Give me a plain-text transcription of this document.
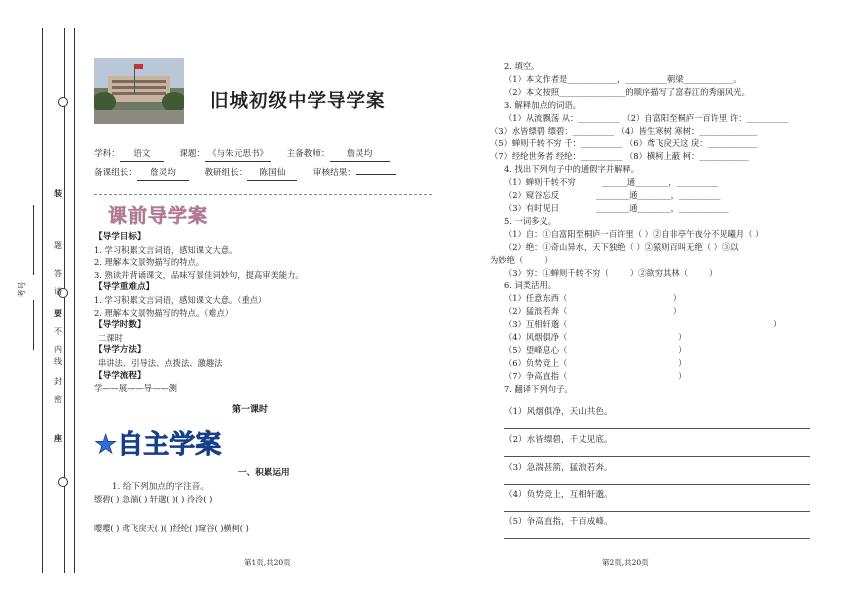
考号
装
答
题
请
不
要
内
线
封
密
座
旧城初级中学导学案
学科： 语文	课题： 《与朱元思书》 主备教师： 詹灵均
备课组长： 詹灵均	教研组长： 陈国仙	审核结果：
课前导学案
【导学目标】
1. 学习积累文言词语，感知课文大意。
2. 理解本文景物描写的特点。
3. 熟读并背诵课文，品味写景佳词妙句，提高审美能力。
【导学重难点】
1. 学习积累文言词语，感知课文大意。（重点）
2. 理解本文景物描写的特点。（难点）
【导学时数】
二课时
【导学方法】
串讲法、引导法、点拨法、激趣法
【导学流程】
学——展——导——测
第一课时
★自主学案
一、积累运用
1. 给下列加点的字注音。
缥碧( ) 急湍( ) 轩邈( )( ) 泠泠( )
嘤嘤( ) 鸢飞戾天( )( )经纶( )窥谷( )横柯( )
第1页,共20页
2. 填空。
（1）本文作者是____________，__________朝梁____________。
（2）本文按照________________的顺序描写了富春江的秀丽风光。
3. 解释加点的词语。
（1）从流飘荡 从：__________ （2）自富阳至桐庐一百许里 许：__________
（3）水皆缥碧 缥碧：__________ （4）皆生寒树 寒树：______________
（5）蝉则千转不穷 千：__________ （6）鸢飞戾天这 戾：____________
（7）经纶世务者 经纶：__________ （8）横柯上蔽 柯：____________
4. 找出下列句子中的通假字并解释。
（1）蝉则千转不穷          ______通________，__________
（2）窥谷忘反              ________通________，__________
（3）有时见日              ________通________，____________
5. 一词多义。
（1）自：①自富阳至桐庐一百许里（ ）②自非亭午夜分不见曦月（ ）
（2）绝：①奇山异水，天下独绝（ ）②猿则百叫无绝（ ）③以
为妙绝（        ）
（3）穷：①蝉则千转不穷（        ）②欲穷其林（        ）
6. 词类活用。
（1）任意东西（                                        ）
（2）猛浪若奔（                                        ）
（3）互相轩邈（                                                                              ）
（4）风烟俱净（                                          ）
（5）望峰息心（                                          ）
（6）负势竞上（                                          ）
（7）争高直指（                                          ）
7. 翻译下列句子。
（1）风烟俱净，天山共色。
（2）水皆缥碧，千丈见底。
（3）急湍甚箭，猛浪若奔。
（4）负势竞上，互相轩邈。
（5）争高直指，千百成峰。
第2页,共20页
